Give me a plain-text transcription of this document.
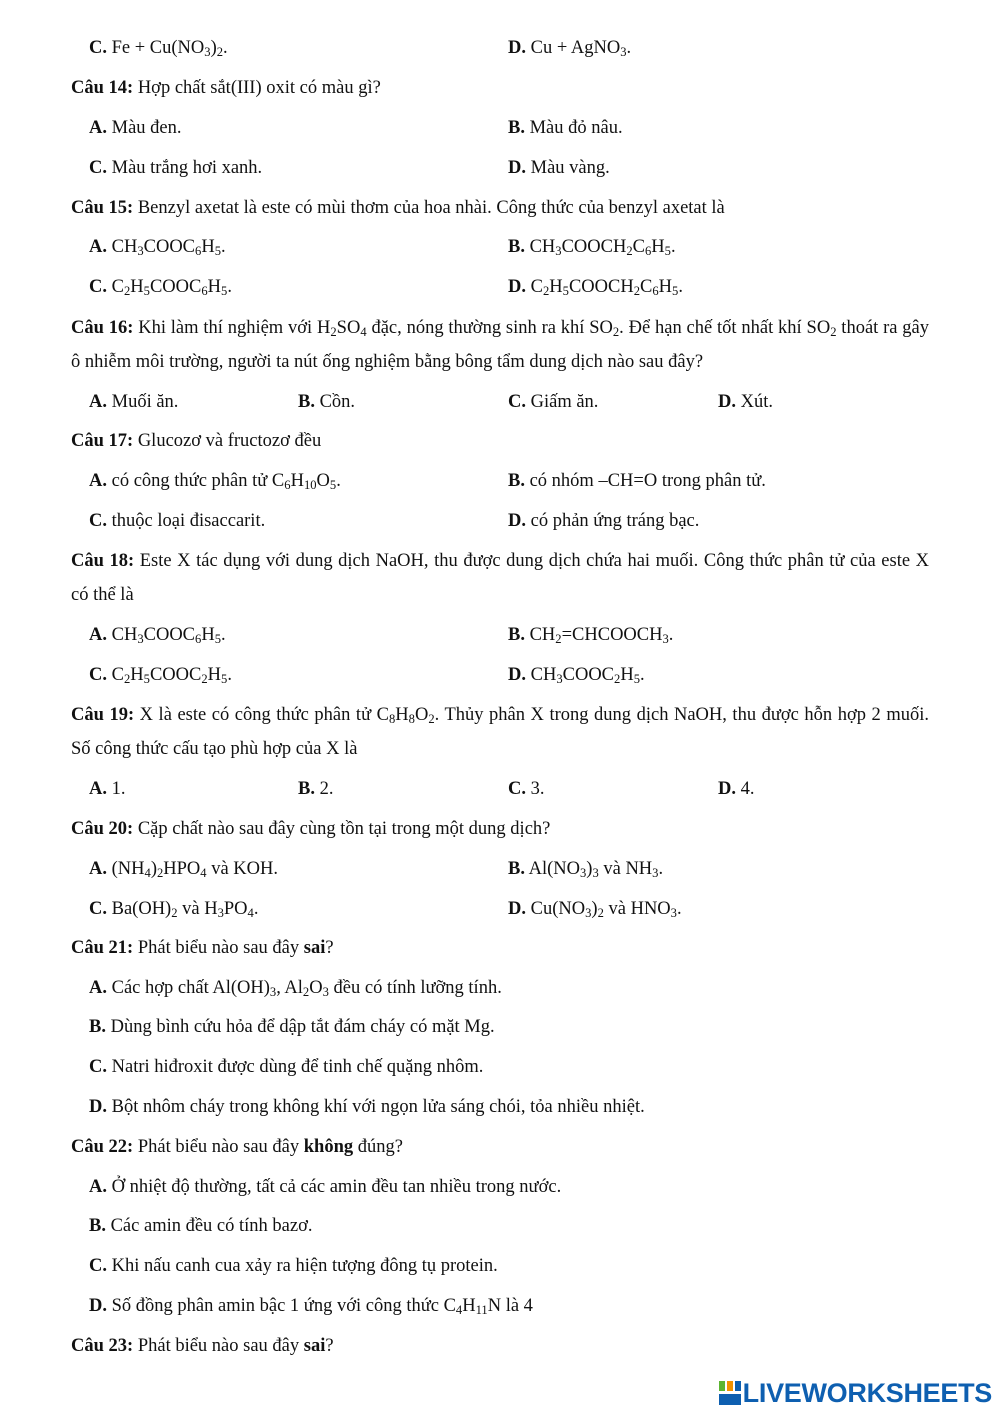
C. $Fe + Cu(NO_3)_2$.	D. Cu + AgNO$_3$.
Câu 14: Hợp chất sắt(III) oxit có màu gì?
A. Màu đen.	B. Màu đỏ nâu.
C. Màu trắng hơi xanh.	D. Màu vàng.
Câu 15: Benzyl axetat là este có mùi thơm của hoa nhài. Công thức của benzyl axetat là
A. $CH_3COOC_6H_5$.	B. $CH_3COOCH_2C_6H_5$.
C. $C_2H_5COOC_6H_5$.	D. $C_2H_5COOCH_2C_6H_5$.
Câu 16: Khi làm thí nghiệm với $H_2SO_4$ đặc, nóng thường sinh ra khí $SO_2$. Để hạn chế tốt nhất khí $SO_2$ thoát ra gây ô nhiễm môi trường, người ta nút ống nghiệm bằng bông tẩm dung dịch nào sau đây?
A. Muối ăn.	B. Cồn.	C. Giấm ăn.	D. Xút.
Câu 17: Glucozơ và fructozơ đều
A. có công thức phân tử $C_6H_{10}O_5$.	B. có nhóm –CH=O trong phân tử.
C. thuộc loại đisaccarit.	D. có phản ứng tráng bạc.
Câu 18: Este X tác dụng với dung dịch NaOH, thu được dung dịch chứa hai muối. Công thức phân tử của este X có thể là
A. $CH_3COOC_6H_5$.	B. $CH_2=CHCOOCH_3$.
C. $C_2H_5COOC_2H_5$.	D. $CH_3COOC_2H_5$.
Câu 19: X là este có công thức phân tử $C_8H_8O_2$. Thủy phân X trong dung dịch NaOH, thu được hỗn hợp 2 muối. Số công thức cấu tạo phù hợp của X là
A. 1.	B. 2.	C. 3.	D. 4.
Câu 20: Cặp chất nào sau đây cùng tồn tại trong một dung dịch?
A. $(NH_4)_2HPO_4$ và KOH.	B. $Al(NO_3)_3$ và $NH_3$.
C. $Ba(OH)_2$ và $H_3PO_4$.	D. $Cu(NO_3)_2$ và $HNO_3$.
Câu 21: Phát biểu nào sau đây sai?
A. Các hợp chất $Al(OH)_3$, $Al_2O_3$ đều có tính lưỡng tính.
B. Dùng bình cứu hỏa để dập tắt đám cháy có mặt Mg.
C. Natri hiđroxit được dùng để tinh chế quặng nhôm.
D. Bột nhôm cháy trong không khí với ngọn lửa sáng chói, tỏa nhiều nhiệt.
Câu 22: Phát biểu nào sau đây không đúng?
A. Ở nhiệt độ thường, tất cả các amin đều tan nhiều trong nước.
B. Các amin đều có tính bazơ.
C. Khi nấu canh cua xảy ra hiện tượng đông tụ protein.
D. Số đồng phân amin bậc 1 ứng với công thức $C_4H_{11}N$ là 4
Câu 23: Phát biểu nào sau đây sai?
LIVEWORKSHEETS
